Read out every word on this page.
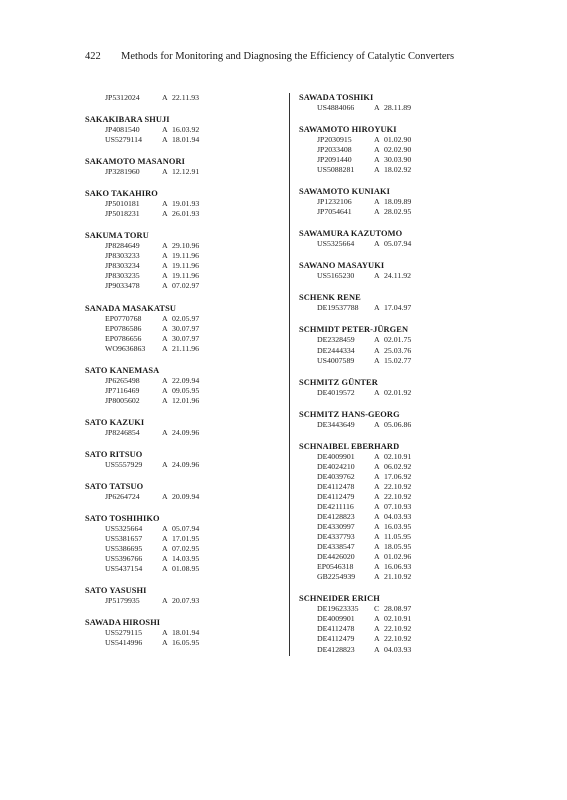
422 Methods for Monitoring and Diagnosing the Efficiency of Catalytic Converters
JP5312024	A 22.11.93
SAKAKIBARA SHUJI
JP4081540	A 16.03.92
US5279114	A 18.01.94
SAKAMOTO MASANORI
JP3281960	A 12.12.91
SAKO TAKAHIRO
JP5010181	A 19.01.93
JP5018231	A 26.01.93
SAKUMA TORU
JP8284649	A 29.10.96
JP8303233	A 19.11.96
JP8303234	A 19.11.96
JP8303235	A 19.11.96
JP9033478	A 07.02.97
SANADA MASAKATSU
EP0770768	A 02.05.97
EP0786586	A 30.07.97
EP0786656	A 30.07.97
WO9636863 A 21.11.96
SATO KANEMASA
JP6265498	A 22.09.94
JP7116469	A 09.05.95
JP8005602	A 12.01.96
SATO KAZUKI
JP8246854	A 24.09.96
SATO RITSUO
US5557929	A 24.09.96
SATO TATSUO
JP6264724	A 20.09.94
SATO TOSHIHIKO
US5325664	A 05.07.94
US5381657	A 17.01.95
US5386695	A 07.02.95
US5396766	A 14.03.95
US5437154	A 01.08.95
SATO YASUSHI
JP5179935	A 20.07.93
SAWADA HIROSHI
US5279115	A 18.01.94
US5414996	A 16.05.95
SAWADA TOSHIKI
US4884066	A 28.11.89
SAWAMOTO HIROYUKI
JP2030915	A 01.02.90
JP2033408	A 02.02.90
JP2091440	A 30.03.90
US5088281	A 18.02.92
SAWAMOTO KUNIAKI
JP1232106	A 18.09.89
JP7054641	A 28.02.95
SAWAMURA KAZUTOMO
US5325664	A 05.07.94
SAWANO MASAYUKI
US5165230	A 24.11.92
SCHENK RENE
DE19537788 A 17.04.97
SCHMIDT PETER-JÜRGEN
DE2328459 A 02.01.75
DE2444334 A 25.03.76
US4007589	A 15.02.77
SCHMITZ GÜNTER
DE4019572 A 02.01.92
SCHMITZ HANS-GEORG
DE3443649 A 05.06.86
SCHNAIBEL EBERHARD
DE4009901 A 02.10.91
DE4024210 A 06.02.92
DE4039762 A 17.06.92
DE4112478	A 22.10.92
DE4112479	A 22.10.92
DE4211116	A 07.10.93
DE4128823 A 04.03.93
DE4330997 A 16.03.95
DE4337793 A 11.05.95
DE4338547 A 18.05.95
DE4426020 A 01.02.96
EP0546318	A 16.06.93
GB2254939 A 21.10.92
SCHNEIDER ERICH
DE19623335 C 28.08.97
DE4009901 A 02.10.91
DE4112478	A 22.10.92
DE4112479	A 22.10.92
DE4128823 A 04.03.93
